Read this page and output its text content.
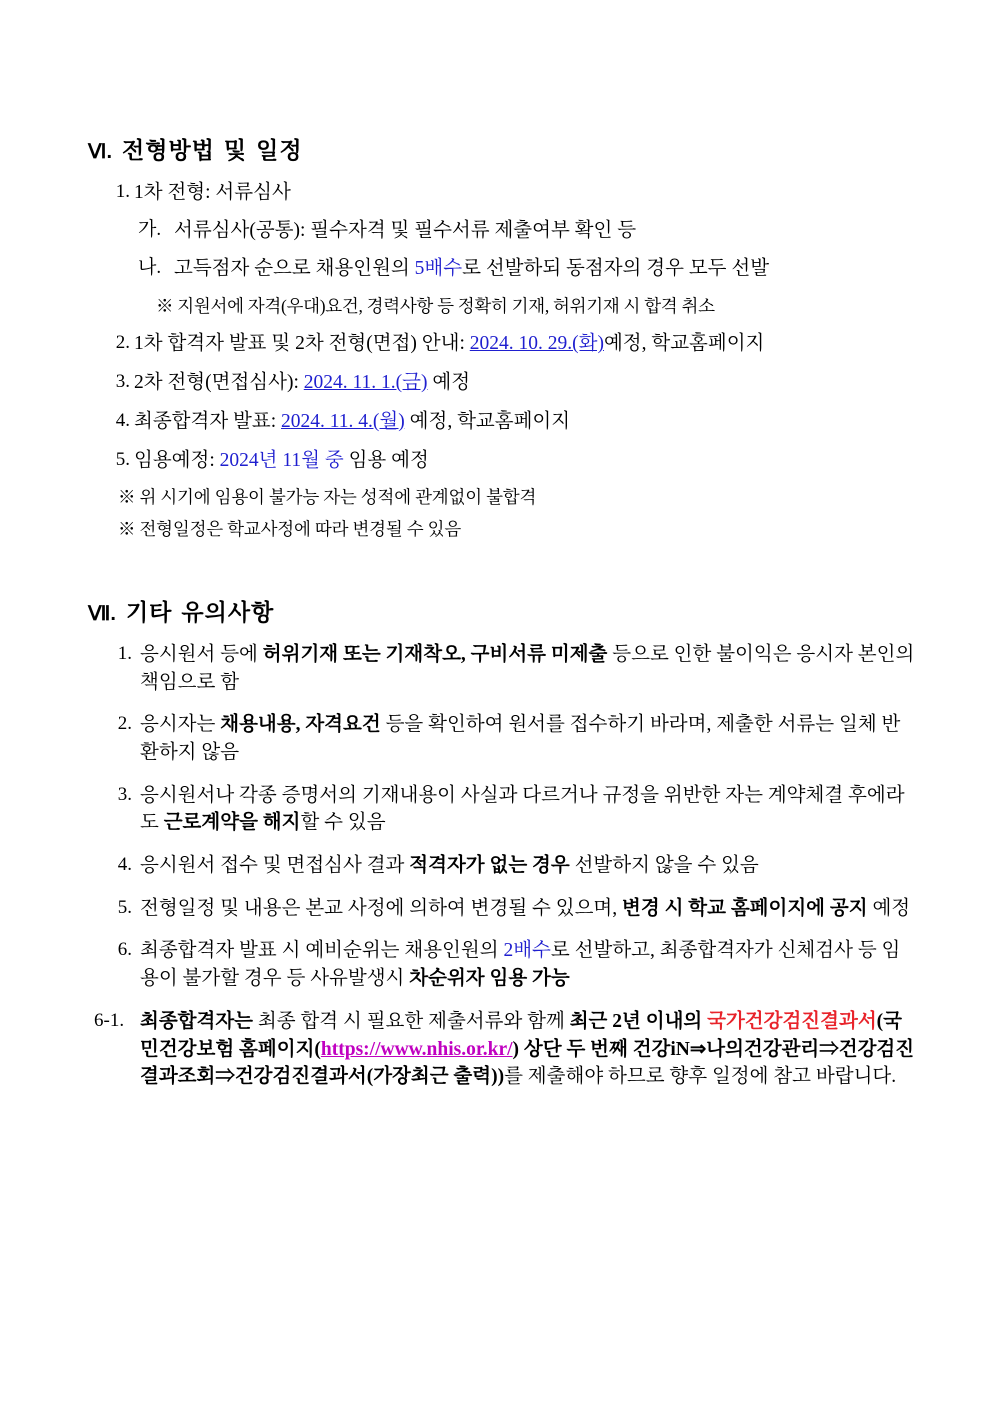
Ⅵ. 전형방법 및 일정
1. 1차 전형: 서류심사
가. 서류심사(공통): 필수자격 및 필수서류 제출여부 확인 등
나. 고득점자 순으로 채용인원의 5배수로 선발하되 동점자의 경우 모두 선발
※ 지원서에 자격(우대)요건, 경력사항 등 정확히 기재, 허위기재 시 합격 취소
2. 1차 합격자 발표 및 2차 전형(면접) 안내: 2024. 10. 29.(화)예정, 학교홈페이지
3. 2차 전형(면접심사): 2024. 11. 1.(금) 예정
4. 최종합격자 발표: 2024. 11. 4.(월) 예정, 학교홈페이지
5. 임용예정: 2024년 11월 중 임용 예정
※ 위 시기에 임용이 불가능 자는 성적에 관계없이 불합격
※ 전형일정은 학교사정에 따라 변경될 수 있음
Ⅶ. 기타 유의사항
1. 응시원서 등에 허위기재 또는 기재착오, 구비서류 미제출 등으로 인한 불이익은 응시자 본인의 책임으로 함
2. 응시자는 채용내용, 자격요건 등을 확인하여 원서를 접수하기 바라며, 제출한 서류는 일체 반환하지 않음
3. 응시원서나 각종 증명서의 기재내용이 사실과 다르거나 규정을 위반한 자는 계약체결 후에라도 근로계약을 해지할 수 있음
4. 응시원서 접수 및 면접심사 결과 적격자가 없는 경우 선발하지 않을 수 있음
5. 전형일정 및 내용은 본교 사정에 의하여 변경될 수 있으며, 변경 시 학교 홈페이지에 공지 예정
6. 최종합격자 발표 시 예비순위는 채용인원의 2배수로 선발하고, 최종합격자가 신체검사 등 임용이 불가할 경우 등 사유발생시 차순위자 임용 가능
6-1. 최종합격자는 최종 합격 시 필요한 제출서류와 함께 최근 2년 이내의 국가건강검진결과서(국민건강보험 홈페이지(https://www.nhis.or.kr/) 상단 두 번째 건강iN⇒나의건강관리⇒건강검진결과조회⇒건강검진결과서(가장최근 출력))를 제출해야 하므로 향후 일정에 참고 바랍니다.
